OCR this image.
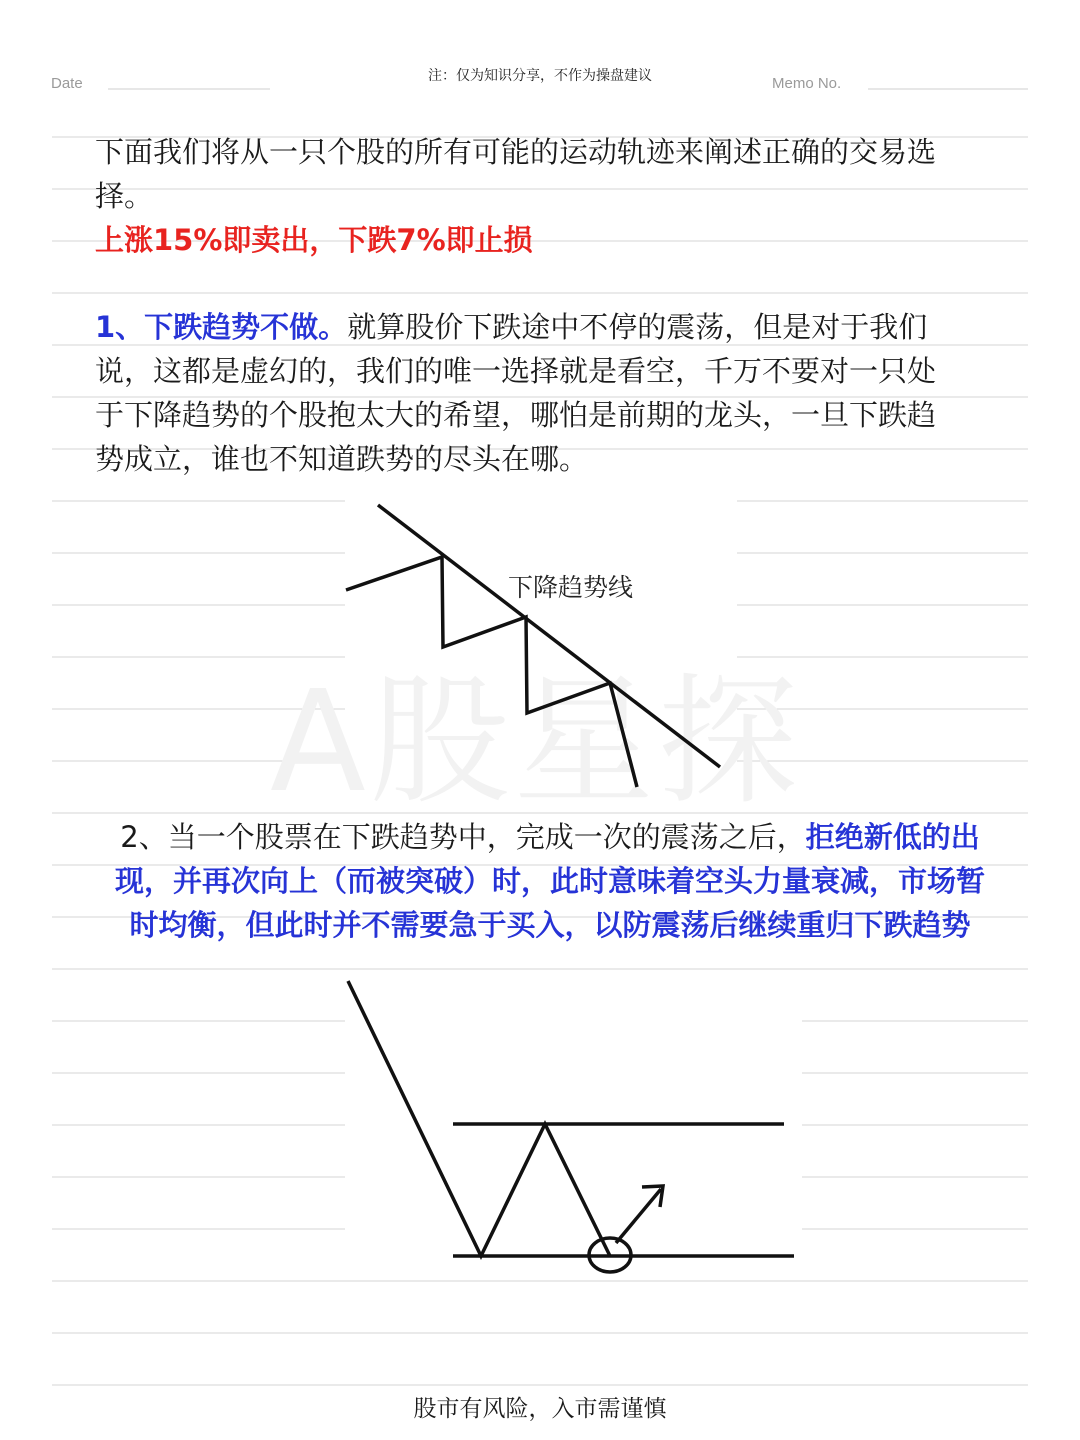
Date	注：仅为知识分享，不作为操盘建议	Memo No.
A股星探
下面我们将从一只个股的所有可能的运动轨迹来阐述正确的交易选
择。
上涨15%即卖出，下跌7%即止损
1、下跌趋势不做。就算股价下跌途中不停的震荡，但是对于我们
说，这都是虚幻的，我们的唯一选择就是看空，千万不要对一只处
于下降趋势的个股抱太大的希望，哪怕是前期的龙头，一旦下跌趋
势成立，谁也不知道跌势的尽头在哪。
下降趋势线
2、当一个股票在下跌趋势中，完成一次的震荡之后，拒绝新低的出
现，并再次向上（而被突破）时，此时意味着空头力量衰减，市场暂
时均衡，但此时并不需要急于买入，以防震荡后继续重归下跌趋势
股市有风险，入市需谨慎
